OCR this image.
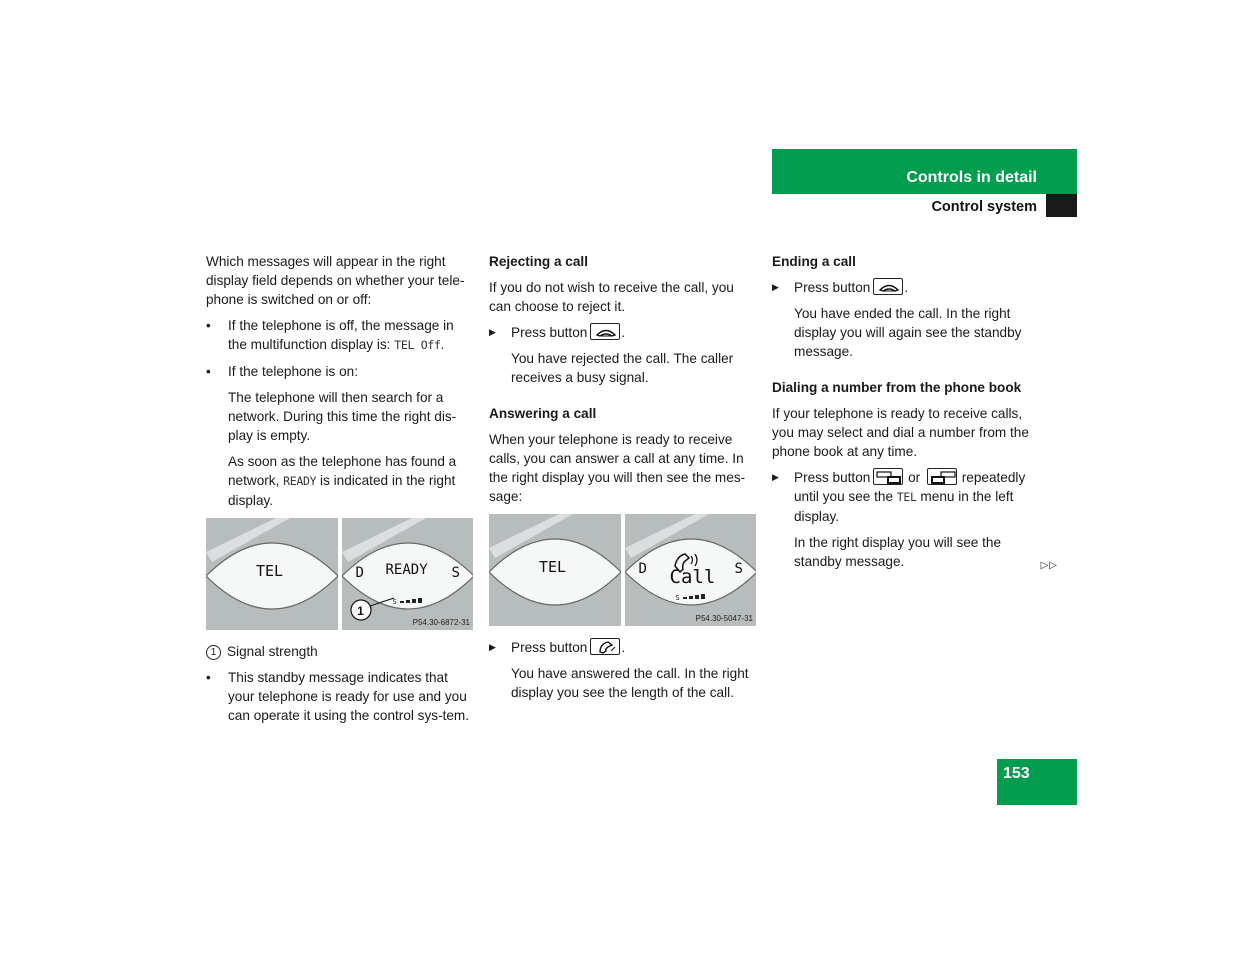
Controls in detail
Control system

Which messages will appear in the right display field depends on whether your tele-phone is switched on or off:

•	If the telephone is off, the message in the multifunction display is: TEL Off.
•	If the telephone is on:

The telephone will then search for a network. During this time the right dis-play is empty.

As soon as the telephone has found a network, READY is indicated in the right display.

TEL	D READY S
S
1
P54.30-6872-31

1 Signal strength

•	This standby message indicates that your telephone is ready for use and you can operate it using the control sys-tem.
Rejecting a call

If you do not wish to receive the call, you can choose to reject it.

▶	Press button	.

You have rejected the call. The caller receives a busy signal.

Answering a call

When your telephone is ready to receive calls, you can answer a call at any time. In the right display you will then see the mes-sage:

TEL	D Call S
S
P54.30-5047-31
▶	Press button	.

You have answered the call. In the right display you see the length of the call.

Ending a call
▶	Press button	.

You have ended the call. In the right display you will again see the standby message.

Dialing a number from the phone book

If your telephone is ready to receive calls, you may select and dial a number from the phone book at any time.

▶	Press button	or	repeatedly until you see the TEL menu in the left display.

In the right display you will see the standby message.	▷▷
153
